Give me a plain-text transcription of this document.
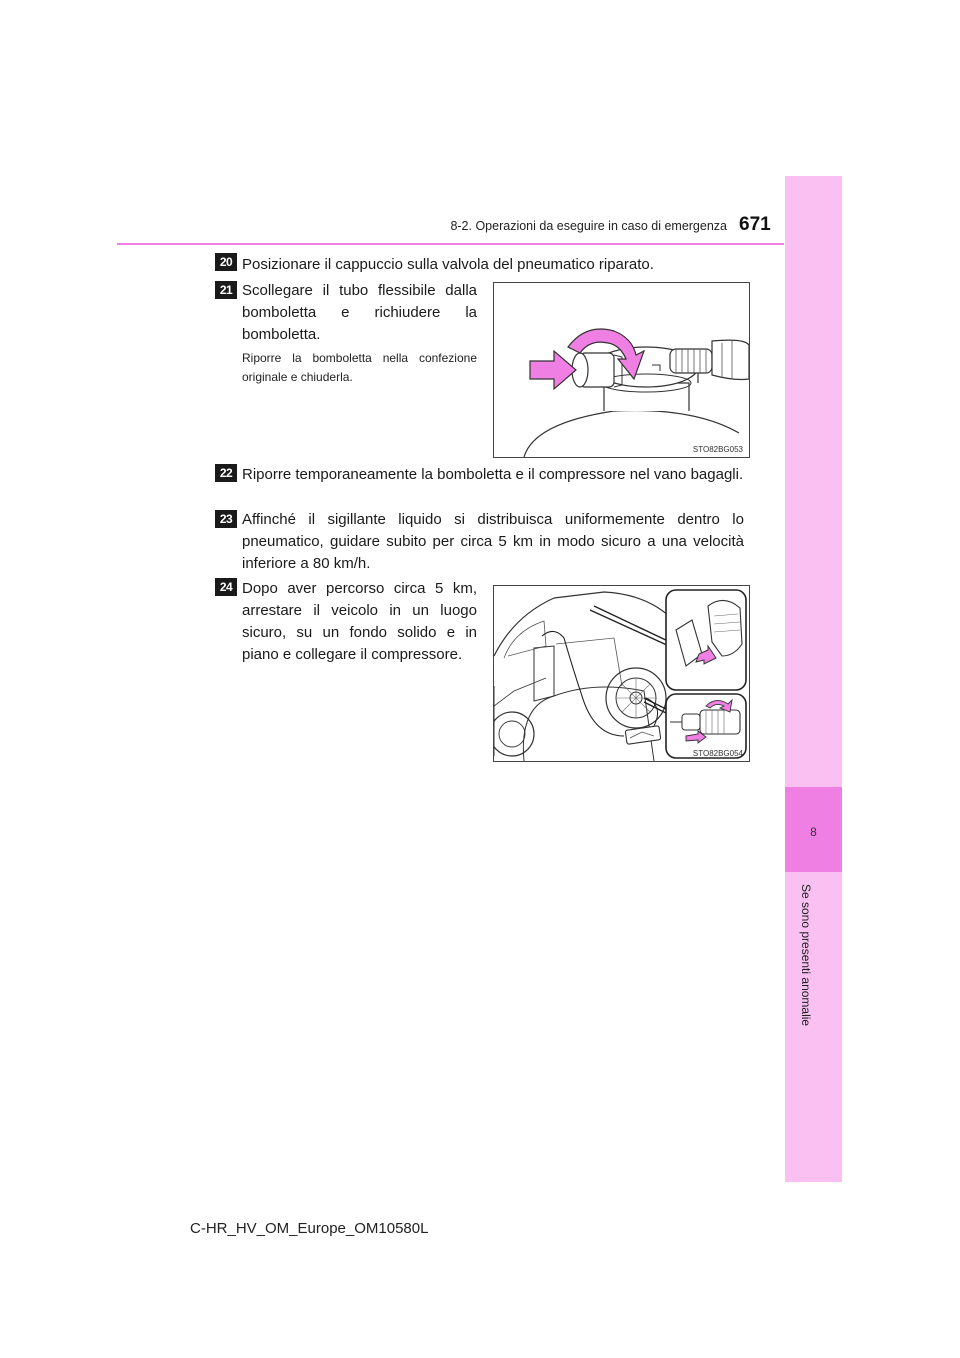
8
Se sono presenti anomalie
8-2. Operazioni da eseguire in caso di emergenza 671
20 Posizionare il cappuccio sulla valvola del pneumatico riparato.
21 Scollegare il tubo flessibile dalla bomboletta e richiudere la bomboletta.
Riporre la bomboletta nella confezione originale e chiuderla.
STO82BG053
22 Riporre temporaneamente la bomboletta e il compressore nel vano bagagli.
23 Affinché il sigillante liquido si distribuisca uniformemente dentro lo pneumatico, guidare subito per circa 5 km in modo sicuro a una velocità inferiore a 80 km/h.
24 Dopo aver percorso circa 5 km, arrestare il veicolo in un luogo sicuro, su un fondo solido e in piano e collegare il compressore.
STO82BG054
C-HR_HV_OM_Europe_OM10580L
